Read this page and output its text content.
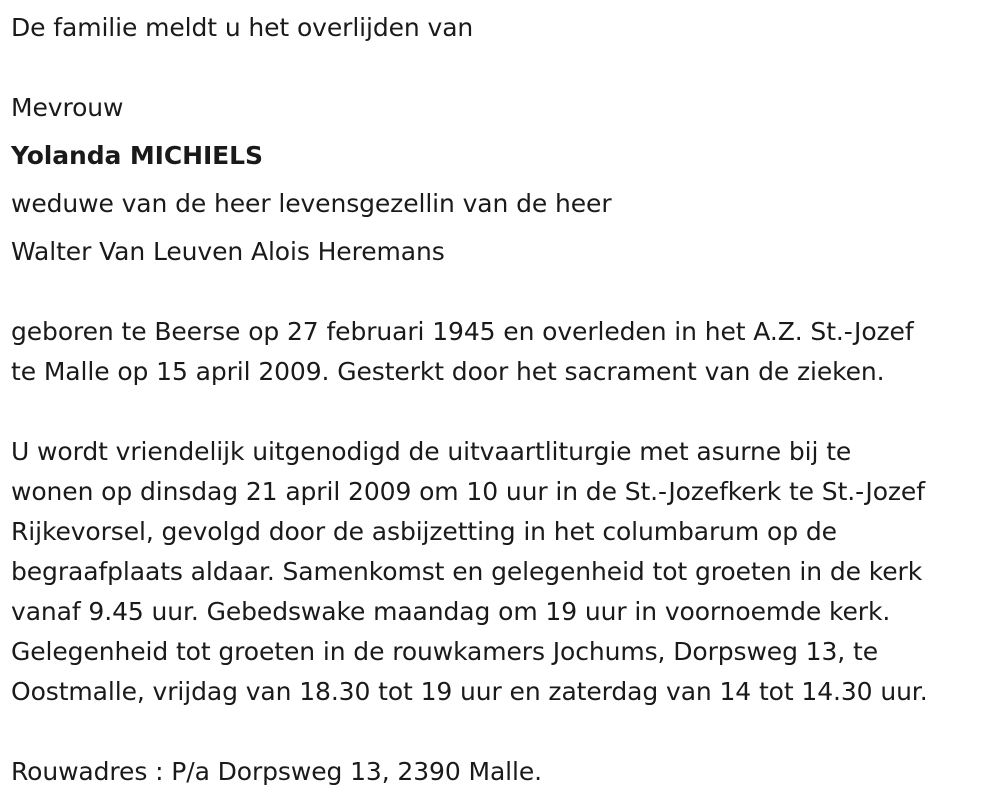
De familie meldt u het overlijden van

Mevrouw

Yolanda MICHIELS

weduwe van de heer levensgezellin van de heer

Walter Van Leuven Alois Heremans

geboren te Beerse op 27 februari 1945 en overleden in het A.Z. St.-Jozef
te Malle op 15 april 2009. Gesterkt door het sacrament van de zieken.
U wordt vriendelijk uitgenodigd de uitvaartliturgie met asurne bij te
wonen op dinsdag 21 april 2009 om 10 uur in de St.-Jozefkerk te St.-Jozef
Rijkevorsel, gevolgd door de asbijzetting in het columbarum op de
begraafplaats aldaar. Samenkomst en gelegenheid tot groeten in de kerk
vanaf 9.45 uur. Gebedswake maandag om 19 uur in voornoemde kerk.
Gelegenheid tot groeten in de rouwkamers Jochums, Dorpsweg 13, te
Oostmalle, vrijdag van 18.30 tot 19 uur en zaterdag van 14 tot 14.30 uur.

Rouwadres : P/a Dorpsweg 13, 2390 Malle.
